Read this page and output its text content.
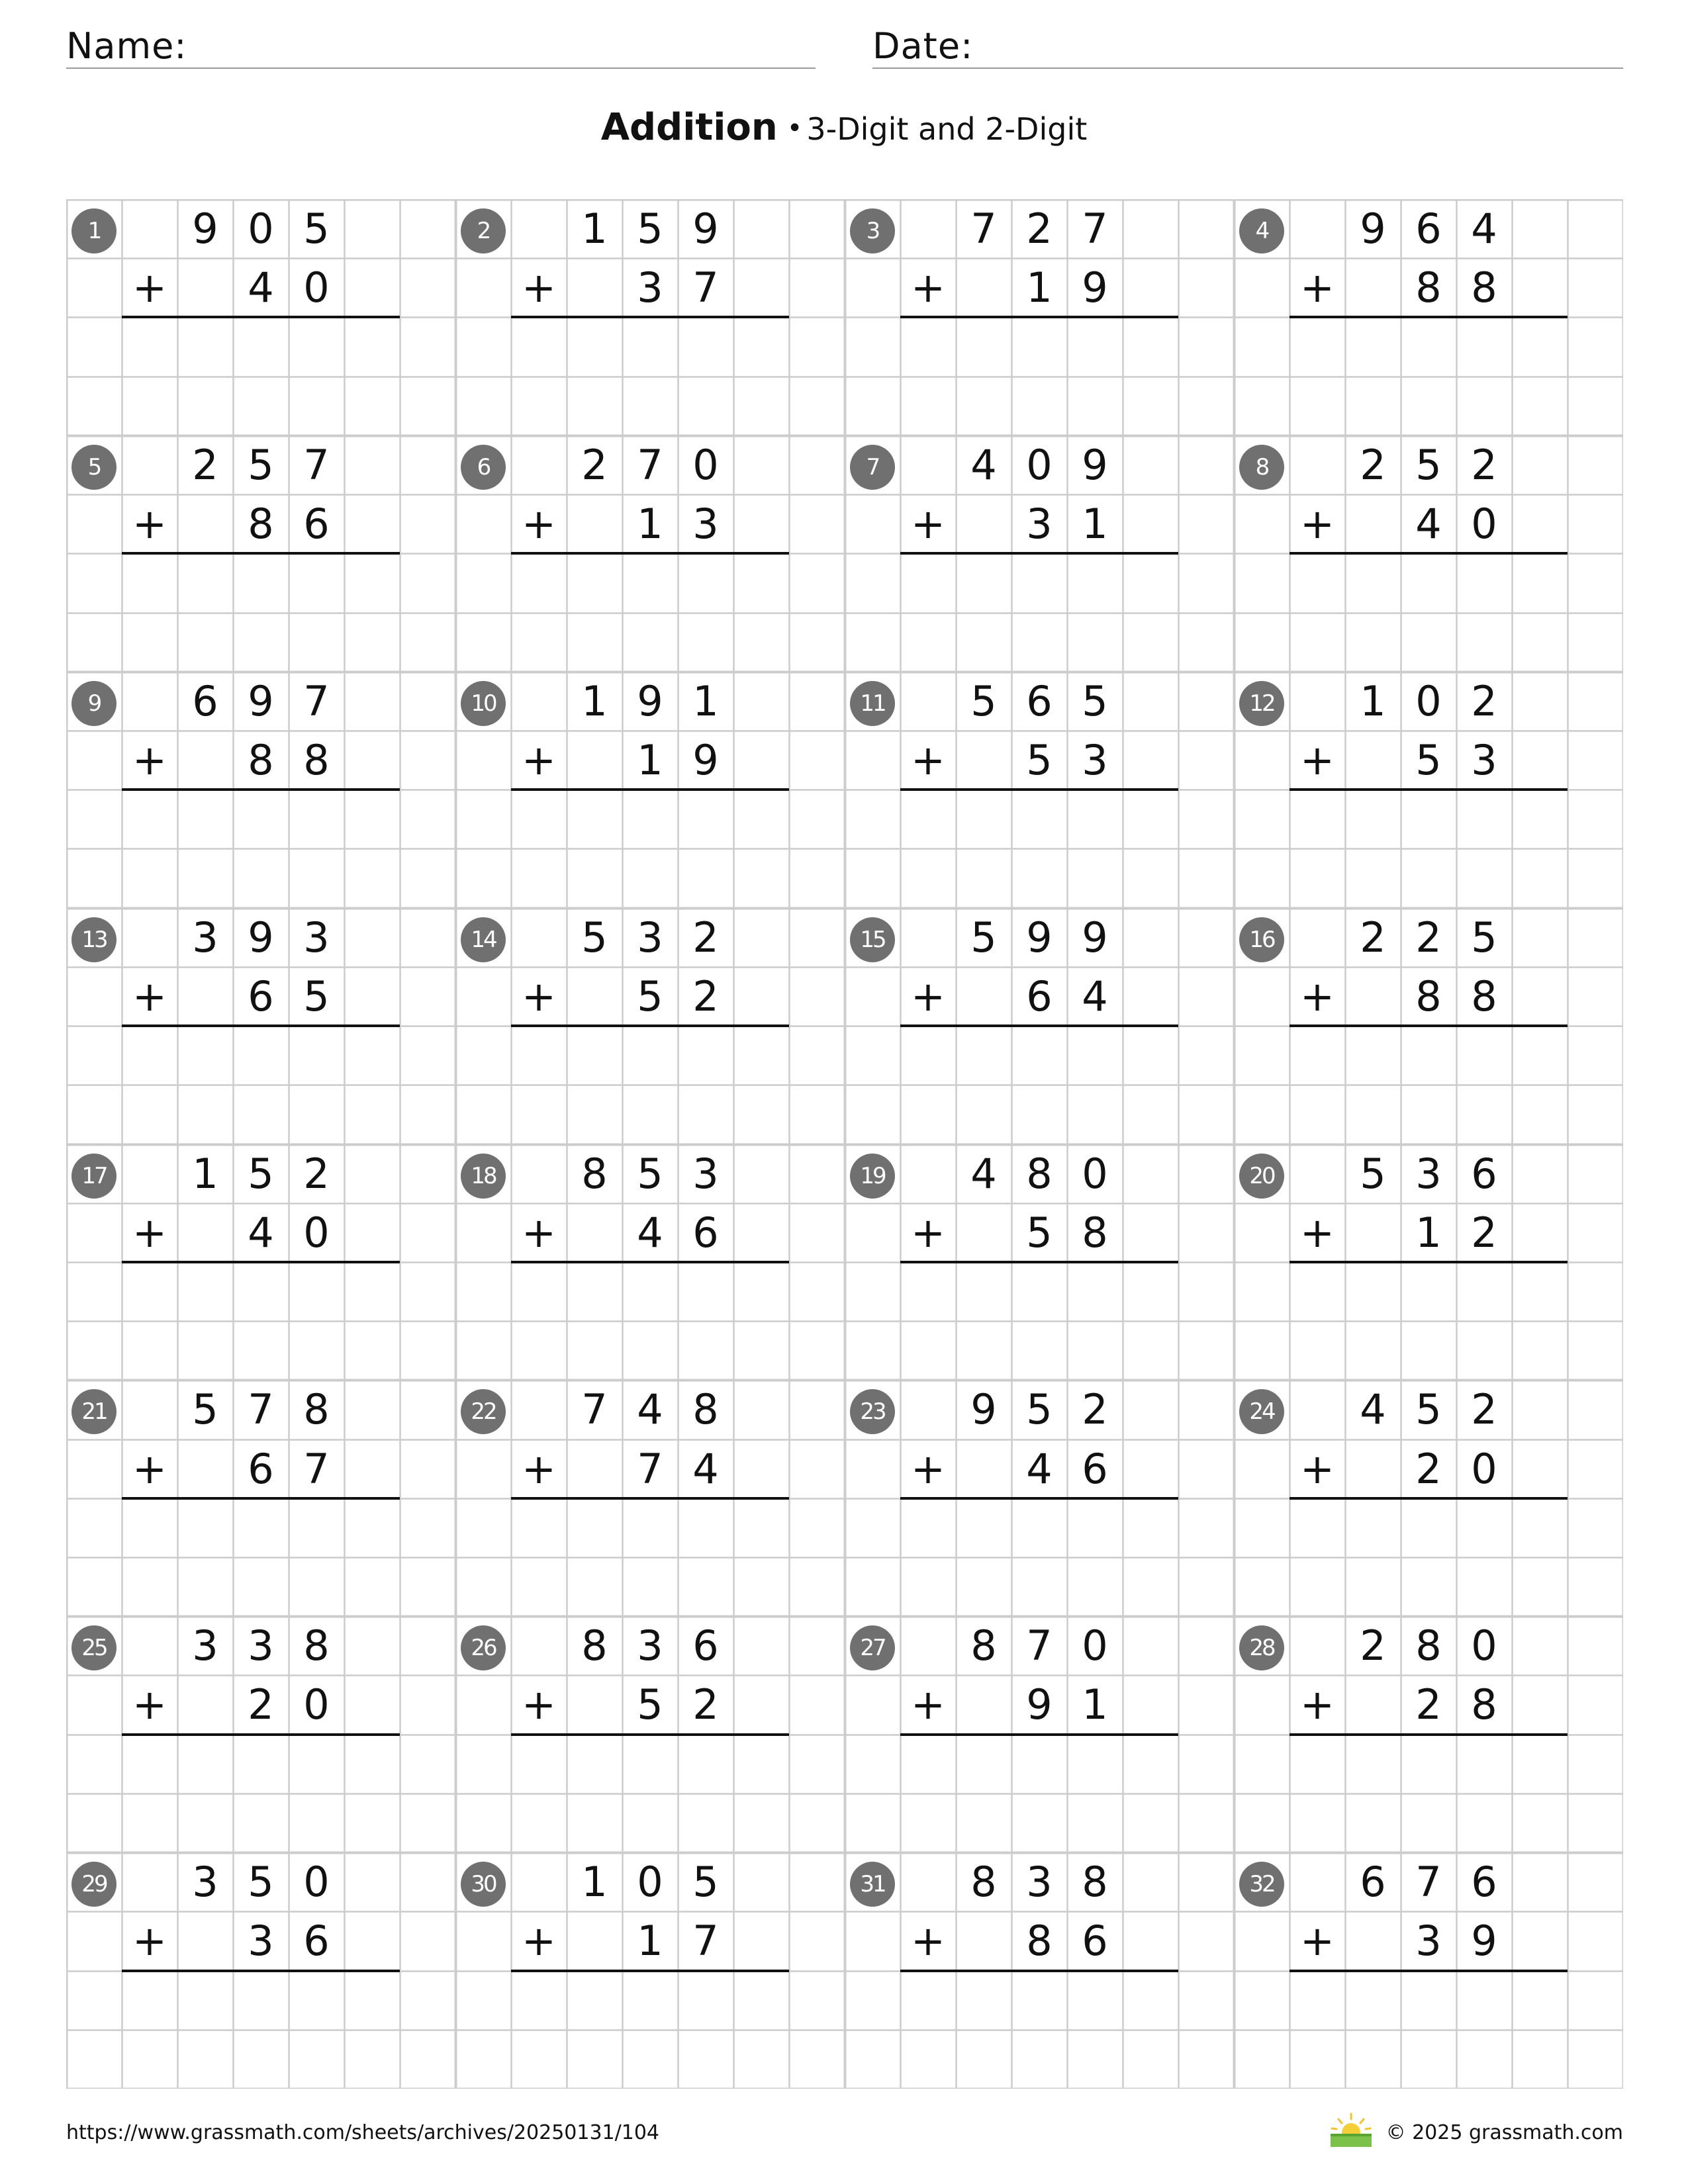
Name:	Date:
Addition • 3-Digit and 2-Digit
1	9 0 5
+	4 0
2	1 5 9
+	3 7
3	7 2 7
+	1 9
4	9 6 4
+	8 8
5	2 5 7
+	8 6
6	2 7 0
+	1 3
7	4 0 9
+	3 1
8	2 5 2
+	4 0
9	6 9 7
+	8 8
10	1 9 1
+	1 9
11	5 6 5
+	5 3
12	1 0 2
+	5 3
13	3 9 3
+	6 5
14	5 3 2
+	5 2
15	5 9 9
+	6 4
16	2 2 5
+	8 8
17	1 5 2
+	4 0
18	8 5 3
+	4 6
19	4 8 0
+	5 8
20	5 3 6
+	1 2
21	5 7 8
+	6 7
22	7 4 8
+	7 4
23	9 5 2
+	4 6
24	4 5 2
+	2 0
25	3 3 8
+	2 0
26	8 3 6
+	5 2
27	8 7 0
+	9 1
28	2 8 0
+	2 8
29	3 5 0
+	3 6
30	1 0 5
+	1 7
31	8 3 8
+	8 6
32	6 7 6
+	3 9
https://www.grassmath.com/sheets/archives/20250131/104	© 2025 grassmath.com
